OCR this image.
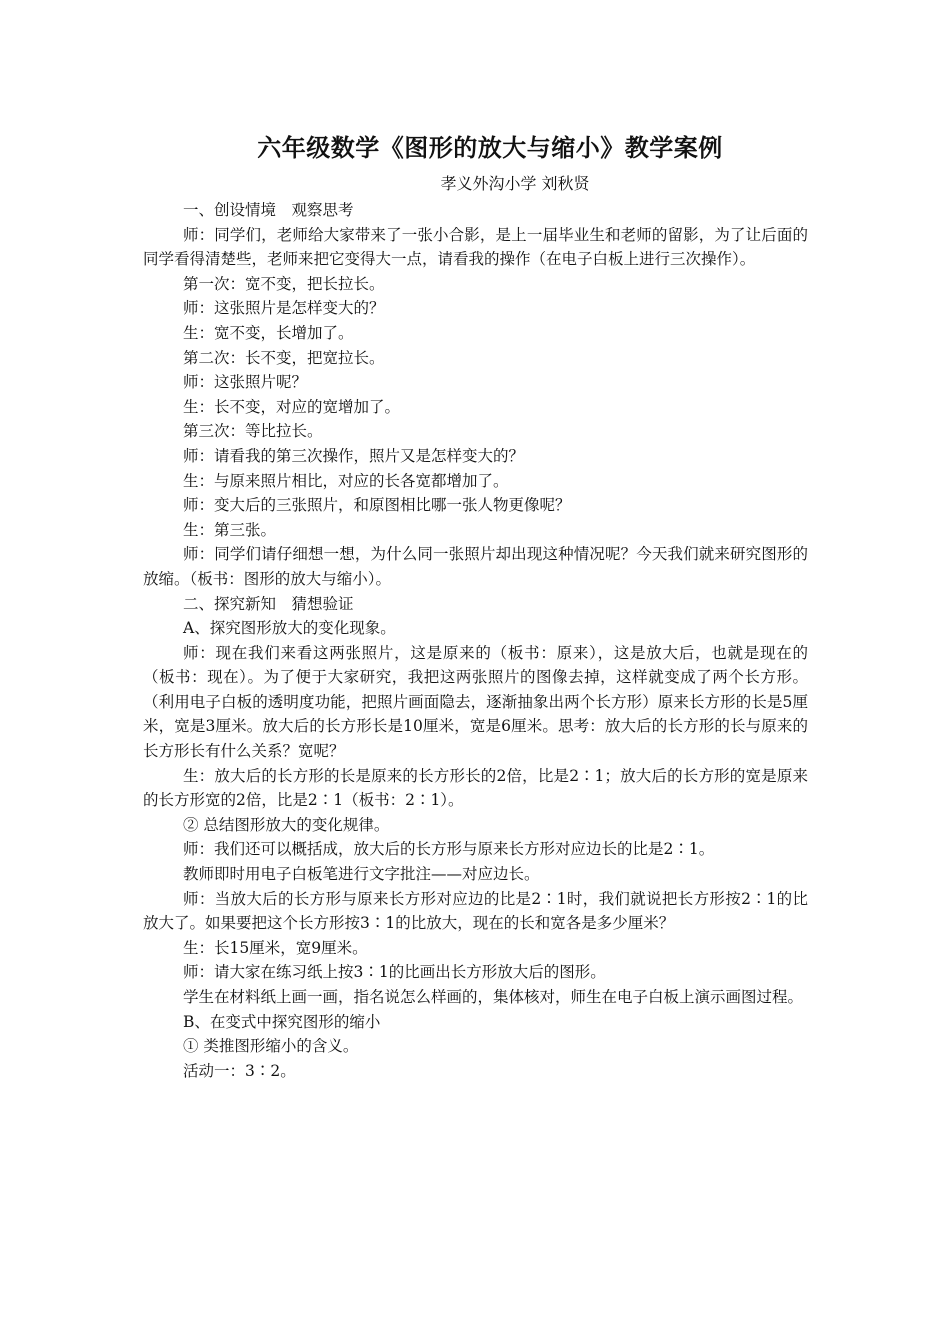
六年级数学《图形的放大与缩小》教学案例
孝义外沟小学 刘秋贤

一、创设情境　观察思考

师：同学们，老师给大家带来了一张小合影，是上一届毕业生和老师的留影，为了让后面的同学看得清楚些，老师来把它变得大一点，请看我的操作（在电子白板上进行三次操作）。

第一次：宽不变，把长拉长。

师：这张照片是怎样变大的？

生：宽不变，长增加了。

第二次：长不变，把宽拉长。

师：这张照片呢？

生：长不变，对应的宽增加了。

第三次：等比拉长。

师：请看我的第三次操作，照片又是怎样变大的？

生：与原来照片相比，对应的长各宽都增加了。

师：变大后的三张照片，和原图相比哪一张人物更像呢？

生：第三张。

师：同学们请仔细想一想，为什么同一张照片却出现这种情况呢？今天我们就来研究图形的放缩。（板书：图形的放大与缩小）。

二、探究新知　猜想验证

A、探究图形放大的变化现象。

师：现在我们来看这两张照片，这是原来的（板书：原来），这是放大后，也就是现在的（板书：现在）。为了便于大家研究，我把这两张照片的图像去掉，这样就变成了两个长方形。（利用电子白板的透明度功能，把照片画面隐去，逐渐抽象出两个长方形）原来长方形的长是5厘米，宽是3厘米。放大后的长方形长是10厘米，宽是6厘米。思考：放大后的长方形的长与原来的长方形长有什么关系？宽呢？

生：放大后的长方形的长是原来的长方形长的2倍，比是2∶1；放大后的长方形的宽是原来的长方形宽的2倍，比是2∶1（板书：2∶1）。

② 总结图形放大的变化规律。

师：我们还可以概括成，放大后的长方形与原来长方形对应边长的比是2∶1。

教师即时用电子白板笔进行文字批注——对应边长。

师：当放大后的长方形与原来长方形对应边的比是2∶1时，我们就说把长方形按2∶1的比放大了。如果要把这个长方形按3∶1的比放大，现在的长和宽各是多少厘米？

生：长15厘米，宽9厘米。

师：请大家在练习纸上按3∶1的比画出长方形放大后的图形。

学生在材料纸上画一画，指名说怎么样画的，集体核对，师生在电子白板上演示画图过程。

B、在变式中探究图形的缩小

① 类推图形缩小的含义。

活动一：3∶2。
